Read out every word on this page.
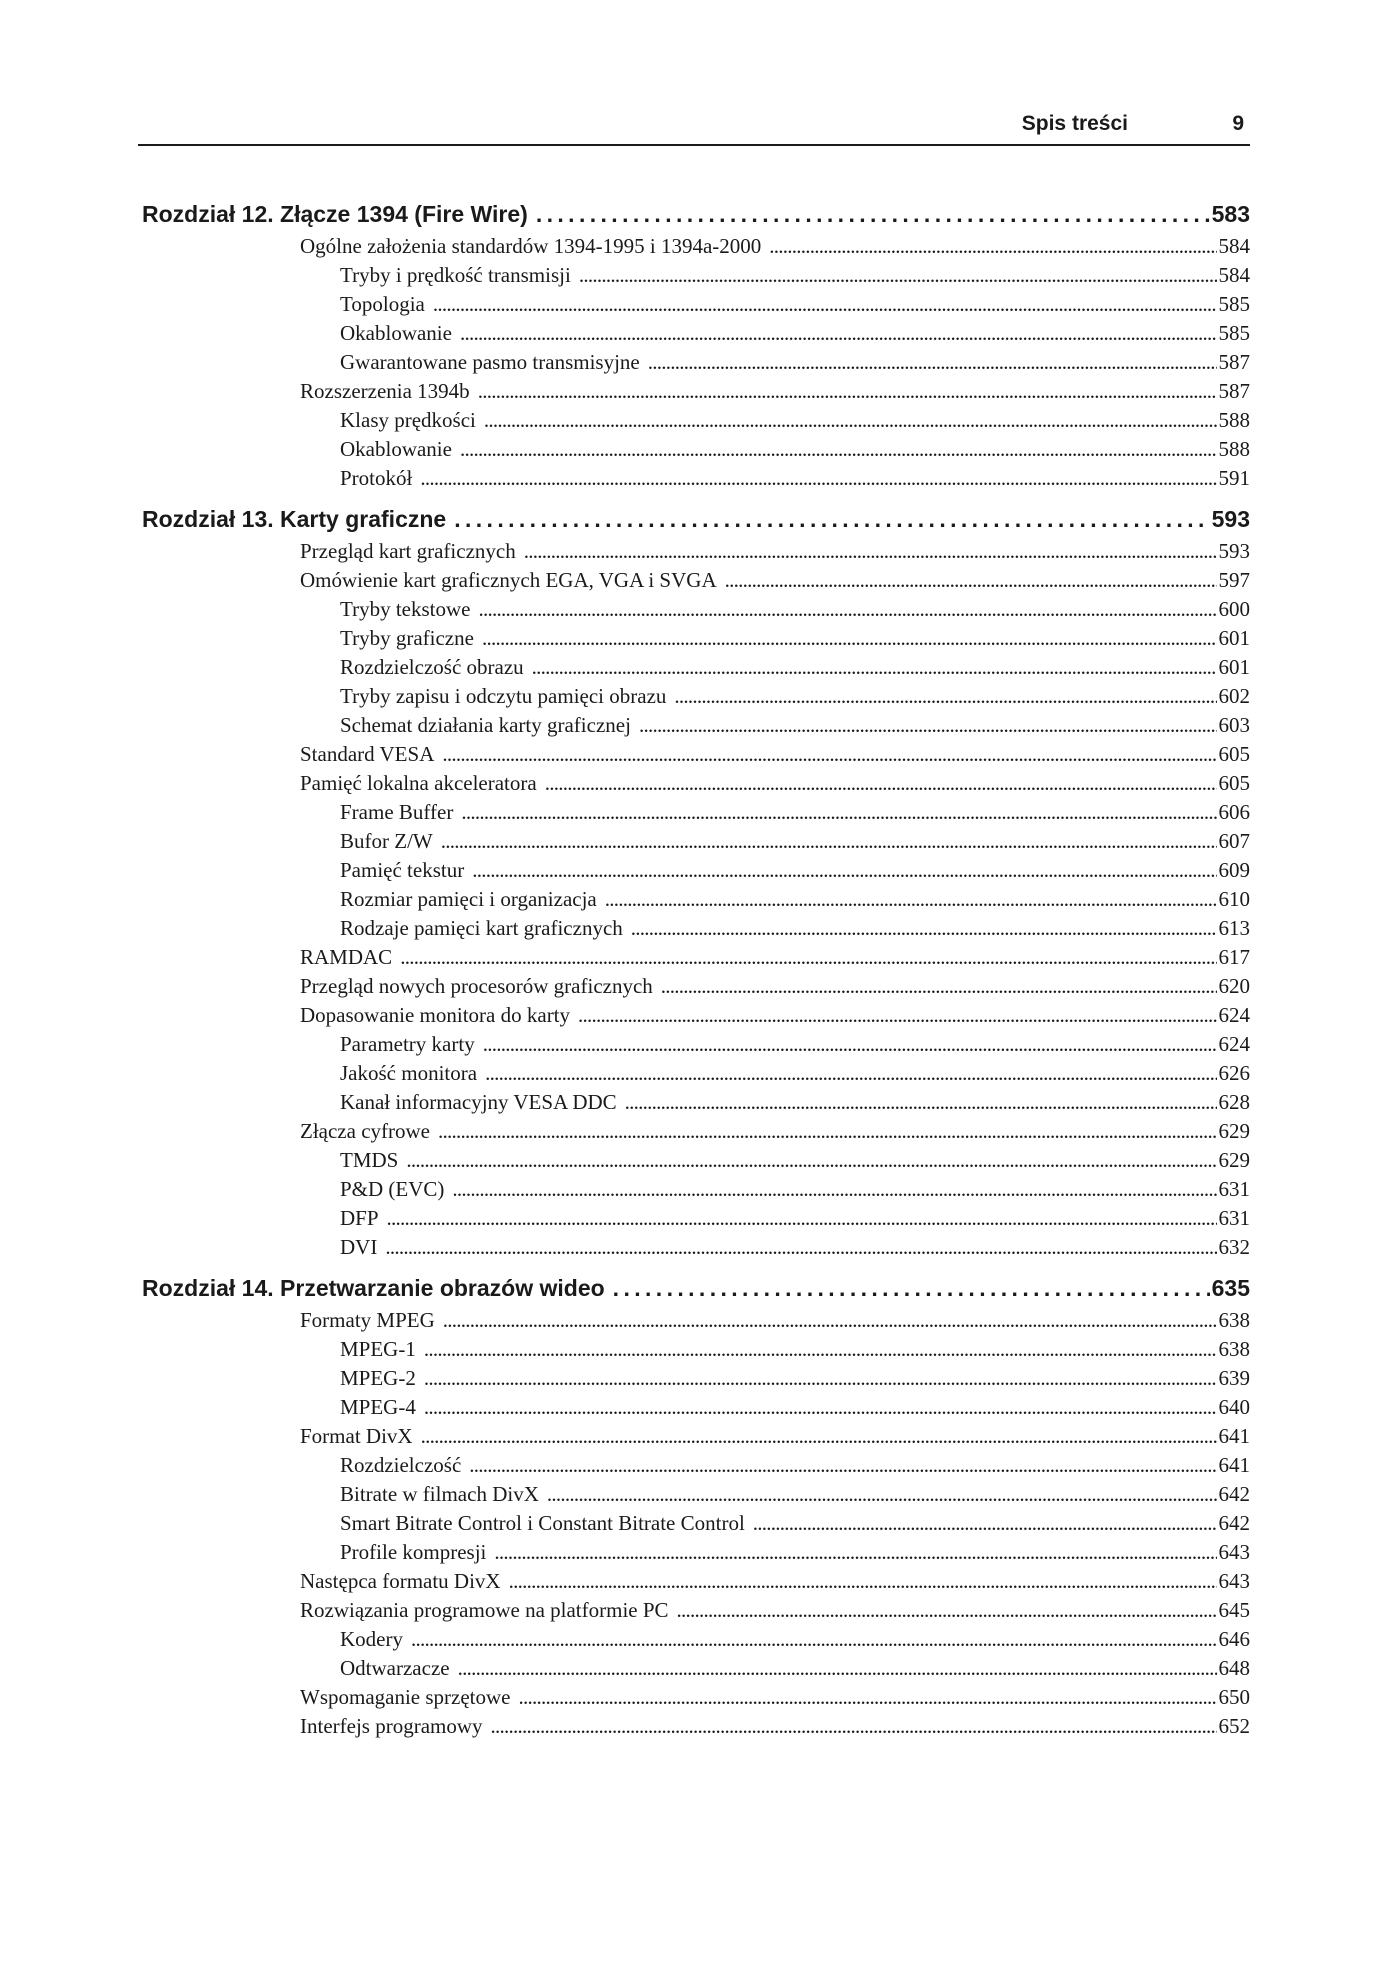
Spis treści	9
Rozdział 12. Złącze 1394 (Fire Wire) . . .	583
Ogólne założenia standardów 1394-1995 i 1394a-2000 . . .	584
Tryby i prędkość transmisji . . .	584
Topologia . . .	585
Okablowanie . . .	585
Gwarantowane pasmo transmisyjne . . .	587
Rozszerzenia 1394b . . .	587
Klasy prędkości . . .	588
Okablowanie . . .	588
Protokół . . .	591
Rozdział 13. Karty graficzne . . .	593
Przegląd kart graficznych . . .	593
Omówienie kart graficznych EGA, VGA i SVGA . . .	597
Tryby tekstowe . . .	600
Tryby graficzne . . .	601
Rozdzielczość obrazu . . .	601
Tryby zapisu i odczytu pamięci obrazu . . .	602
Schemat działania karty graficznej . . .	603
Standard VESA . . .	605
Pamięć lokalna akceleratora . . .	605
Frame Buffer . . .	606
Bufor Z/W . . .	607
Pamięć tekstur . . .	609
Rozmiar pamięci i organizacja . . .	610
Rodzaje pamięci kart graficznych . . .	613
RAMDAC . . .	617
Przegląd nowych procesorów graficznych . . .	620
Dopasowanie monitora do karty . . .	624
Parametry karty . . .	624
Jakość monitora . . .	626
Kanał informacyjny VESA DDC . . .	628
Złącza cyfrowe . . .	629
TMDS . . .	629
P&D (EVC) . . .	631
DFP . . .	631
DVI . . .	632
Rozdział 14. Przetwarzanie obrazów wideo . . .	635
Formaty MPEG . . .	638
MPEG-1 . . .	638
MPEG-2 . . .	639
MPEG-4 . . .	640
Format DivX . . .	641
Rozdzielczość . . .	641
Bitrate w filmach DivX . . .	642
Smart Bitrate Control i Constant Bitrate Control . . .	642
Profile kompresji . . .	643
Następca formatu DivX . . .	643
Rozwiązania programowe na platformie PC . . .	645
Kodery . . .	646
Odtwarzacze . . .	648
Wspomaganie sprzętowe . . .	650
Interfejs programowy . . .	652
